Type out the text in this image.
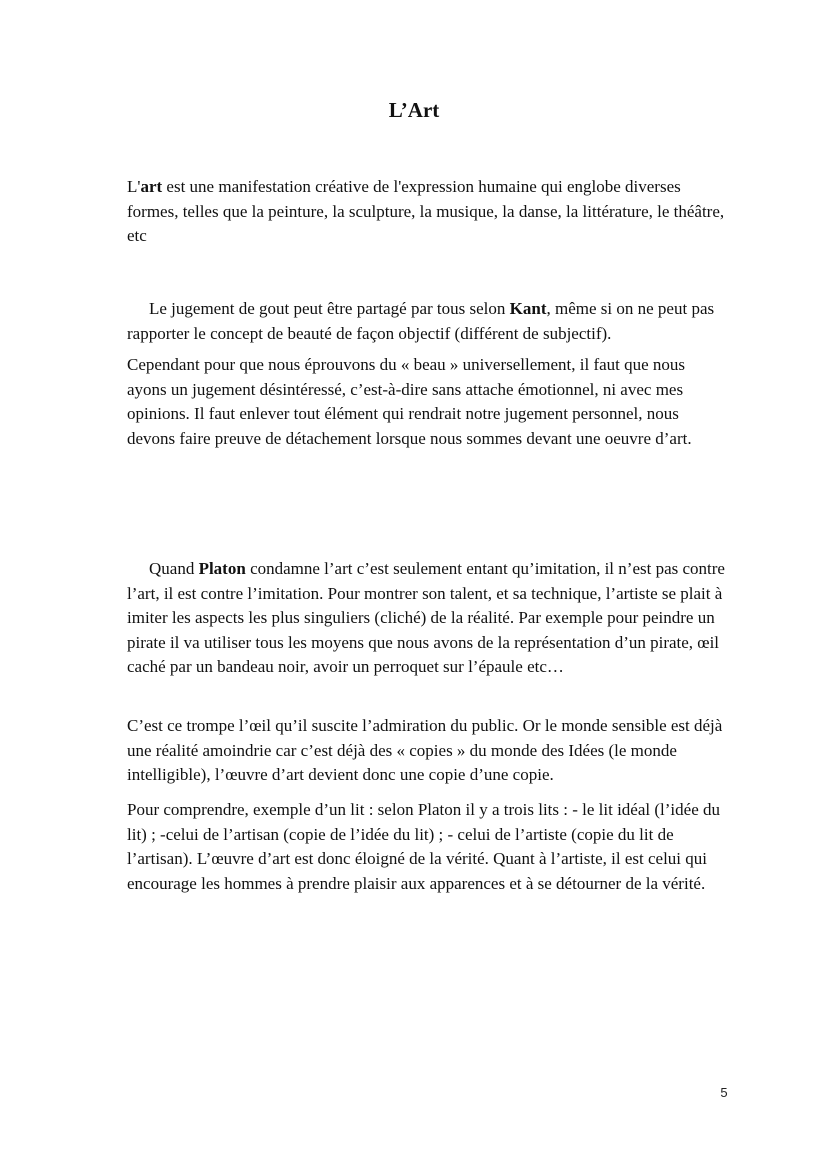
L’Art

L'art est une manifestation créative de l'expression humaine qui englobe diverses formes, telles que la peinture, la sculpture, la musique, la danse, la littérature, le théâtre, etc

Le jugement de gout peut être partagé par tous selon Kant, même si on ne peut pas rapporter le concept de beauté de façon objectif (différent de subjectif).

Cependant pour que nous éprouvons du « beau » universellement, il faut que nous ayons un jugement désintéressé, c’est-à-dire sans attache émotionnel, ni avec mes opinions. Il faut enlever tout élément qui rendrait notre jugement personnel, nous devons faire preuve de détachement lorsque nous sommes devant une oeuvre d’art.

Quand Platon condamne l’art c’est seulement entant qu’imitation, il n’est pas contre l’art, il est contre l’imitation. Pour montrer son talent, et sa technique, l’artiste se plait à imiter les aspects les plus singuliers (cliché) de la réalité. Par exemple pour peindre un pirate il va utiliser tous les moyens que nous avons de la représentation d’un pirate, œil caché par un bandeau noir, avoir un perroquet sur l’épaule etc…

C’est ce trompe l’œil qu’il suscite l’admiration du public. Or le monde sensible est déjà une réalité amoindrie car c’est déjà des « copies » du monde des Idées (le monde intelligible), l’œuvre d’art devient donc une copie d’une copie.

Pour comprendre, exemple d’un lit : selon Platon il y a trois lits : - le lit idéal (l’idée du lit) ; -celui de l’artisan (copie de l’idée du lit) ; - celui de l’artiste (copie du lit de l’artisan). L’œuvre d’art est donc éloigné de la vérité. Quant à l’artiste, il est celui qui encourage les hommes à prendre plaisir aux apparences et à se détourner de la vérité.

5
